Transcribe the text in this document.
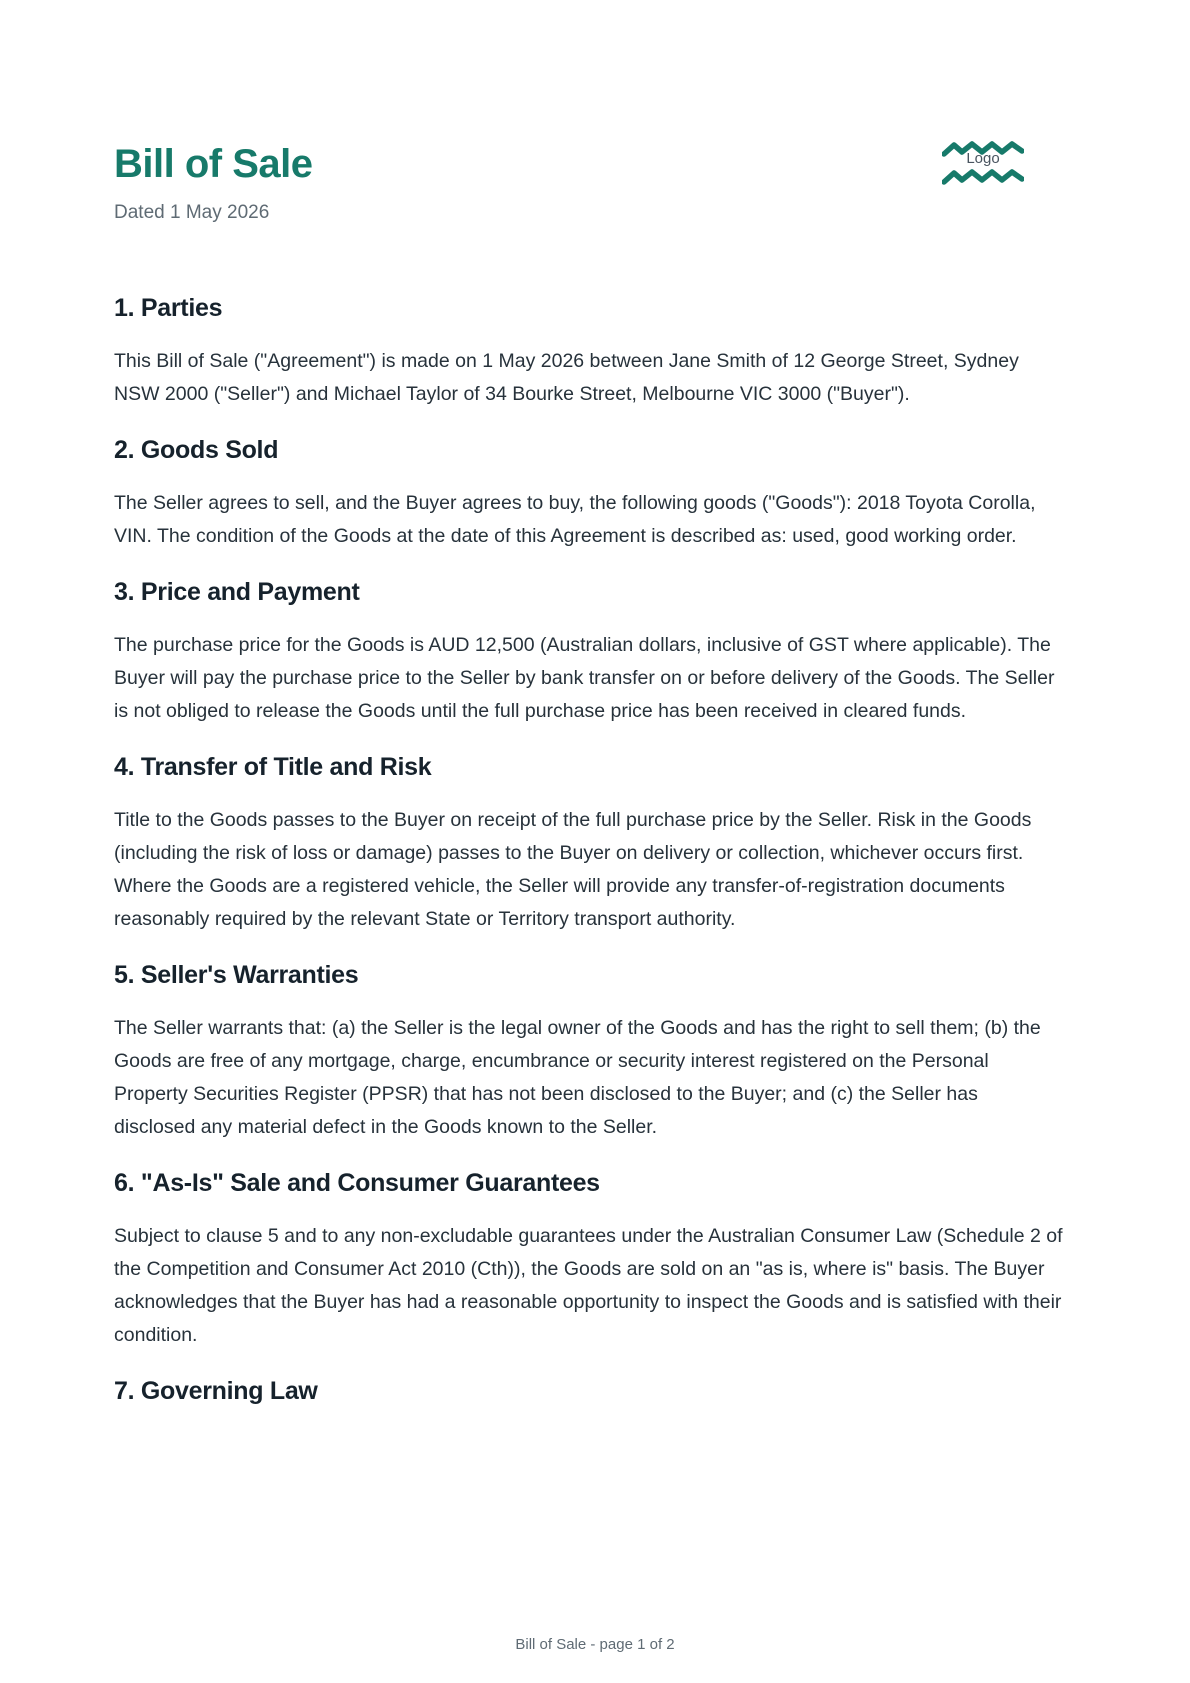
Bill of Sale
Dated 1 May 2026
Logo
1. Parties

This Bill of Sale ("Agreement") is made on 1 May 2026 between Jane Smith of 12 George Street, Sydney NSW 2000 ("Seller") and Michael Taylor of 34 Bourke Street, Melbourne VIC 3000 ("Buyer").

2. Goods Sold

The Seller agrees to sell, and the Buyer agrees to buy, the following goods ("Goods"): 2018 Toyota Corolla, VIN. The condition of the Goods at the date of this Agreement is described as: used, good working order.

3. Price and Payment

The purchase price for the Goods is AUD 12,500 (Australian dollars, inclusive of GST where applicable). The Buyer will pay the purchase price to the Seller by bank transfer on or before delivery of the Goods. The Seller is not obliged to release the Goods until the full purchase price has been received in cleared funds.

4. Transfer of Title and Risk

Title to the Goods passes to the Buyer on receipt of the full purchase price by the Seller. Risk in the Goods (including the risk of loss or damage) passes to the Buyer on delivery or collection, whichever occurs first. Where the Goods are a registered vehicle, the Seller will provide any transfer-of-registration documents reasonably required by the relevant State or Territory transport authority.

5. Seller's Warranties

The Seller warrants that: (a) the Seller is the legal owner of the Goods and has the right to sell them; (b) the Goods are free of any mortgage, charge, encumbrance or security interest registered on the Personal Property Securities Register (PPSR) that has not been disclosed to the Buyer; and (c) the Seller has disclosed any material defect in the Goods known to the Seller.

6. "As-Is" Sale and Consumer Guarantees

Subject to clause 5 and to any non-excludable guarantees under the Australian Consumer Law (Schedule 2 of the Competition and Consumer Act 2010 (Cth)), the Goods are sold on an "as is, where is" basis. The Buyer acknowledges that the Buyer has had a reasonable opportunity to inspect the Goods and is satisfied with their condition.

7. Governing Law
Bill of Sale - page 1 of 2
